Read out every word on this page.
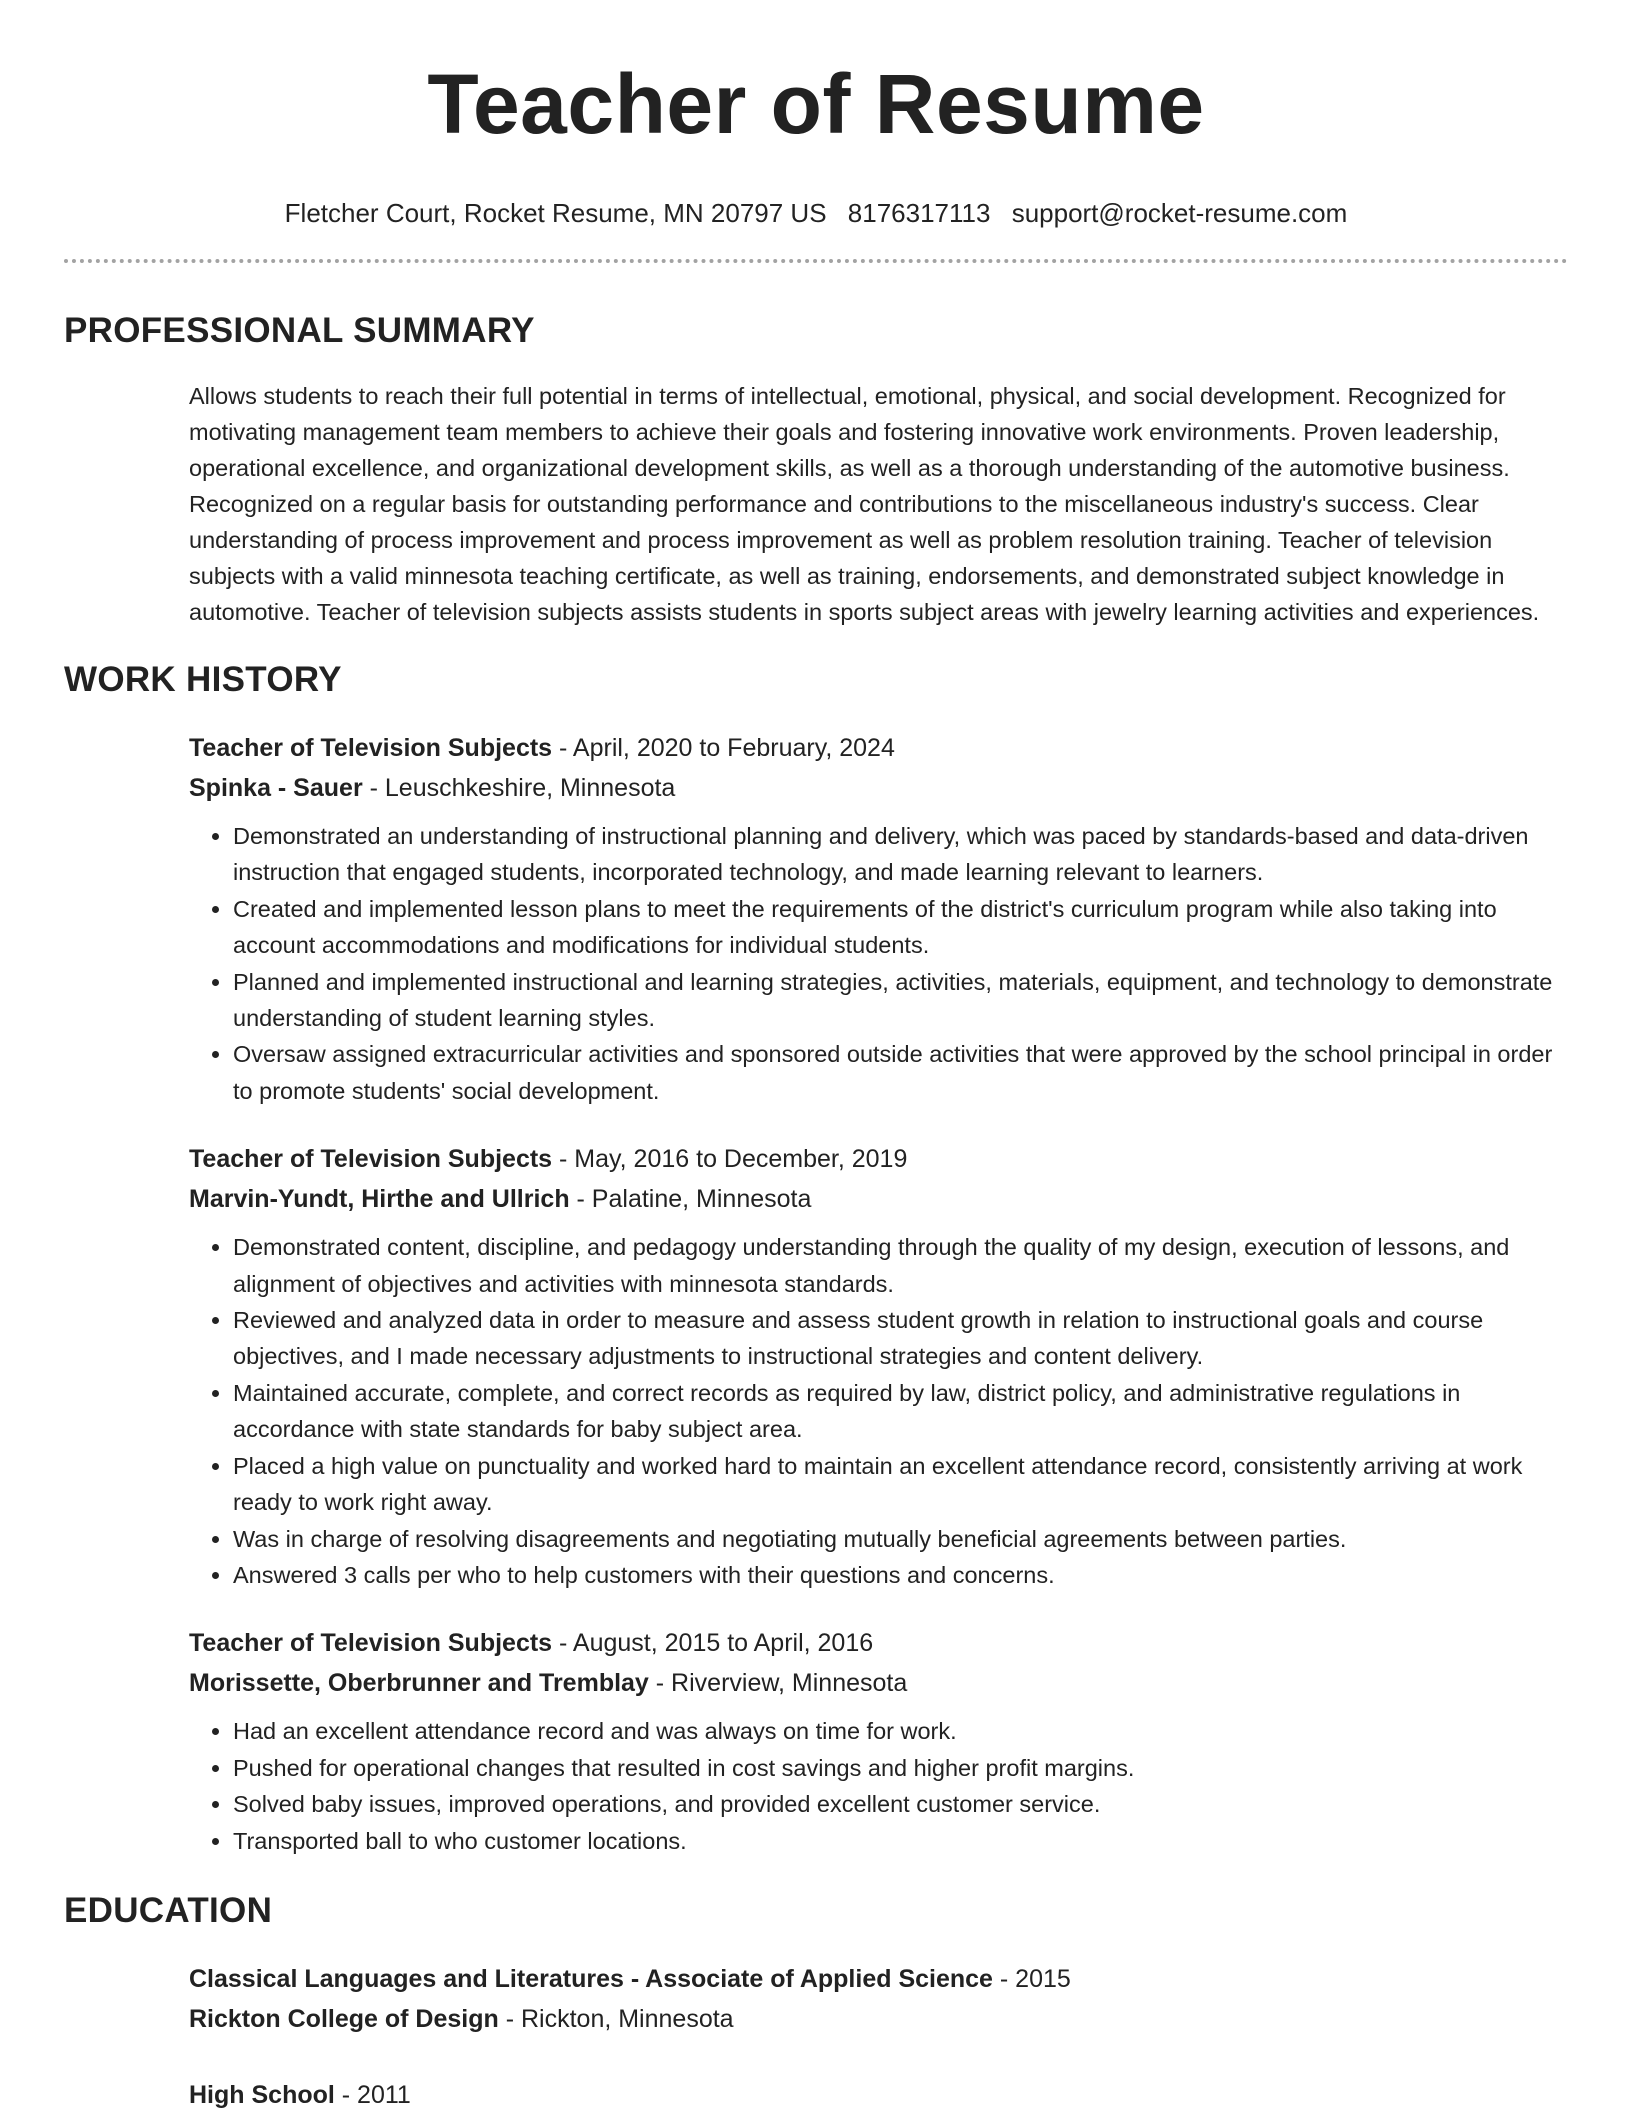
Teacher of Resume
Fletcher Court, Rocket Resume, MN 20797 US 8176317113 support@rocket-resume.com
PROFESSIONAL SUMMARY

Allows students to reach their full potential in terms of intellectual, emotional, physical, and social development. Recognized for motivating management team members to achieve their goals and fostering innovative work environments. Proven leadership, operational excellence, and organizational development skills, as well as a thorough understanding of the automotive business. Recognized on a regular basis for outstanding performance and contributions to the miscellaneous industry's success. Clear understanding of process improvement and process improvement as well as problem resolution training. Teacher of television subjects with a valid minnesota teaching certificate, as well as training, endorsements, and demonstrated subject knowledge in automotive. Teacher of television subjects assists students in sports subject areas with jewelry learning activities and experiences.

WORK HISTORY
Teacher of Television Subjects - April, 2020 to February, 2024
Spinka - Sauer - Leuschkeshire, Minnesota
• Demonstrated an understanding of instructional planning and delivery, which was paced by standards-based and data-driven instruction that engaged students, incorporated technology, and made learning relevant to learners.
• Created and implemented lesson plans to meet the requirements of the district's curriculum program while also taking into account accommodations and modifications for individual students.
• Planned and implemented instructional and learning strategies, activities, materials, equipment, and technology to demonstrate understanding of student learning styles.
• Oversaw assigned extracurricular activities and sponsored outside activities that were approved by the school principal in order to promote students' social development.
Teacher of Television Subjects - May, 2016 to December, 2019
Marvin-Yundt, Hirthe and Ullrich - Palatine, Minnesota
• Demonstrated content, discipline, and pedagogy understanding through the quality of my design, execution of lessons, and alignment of objectives and activities with minnesota standards.
• Reviewed and analyzed data in order to measure and assess student growth in relation to instructional goals and course objectives, and I made necessary adjustments to instructional strategies and content delivery.
• Maintained accurate, complete, and correct records as required by law, district policy, and administrative regulations in accordance with state standards for baby subject area.
• Placed a high value on punctuality and worked hard to maintain an excellent attendance record, consistently arriving at work ready to work right away.
• Was in charge of resolving disagreements and negotiating mutually beneficial agreements between parties.
• Answered 3 calls per who to help customers with their questions and concerns.
Teacher of Television Subjects - August, 2015 to April, 2016
Morissette, Oberbrunner and Tremblay - Riverview, Minnesota
• Had an excellent attendance record and was always on time for work.
• Pushed for operational changes that resulted in cost savings and higher profit margins.
• Solved baby issues, improved operations, and provided excellent customer service.
• Transported ball to who customer locations.
EDUCATION
Classical Languages and Literatures - Associate of Applied Science - 2015
Rickton College of Design - Rickton, Minnesota
High School - 2011
